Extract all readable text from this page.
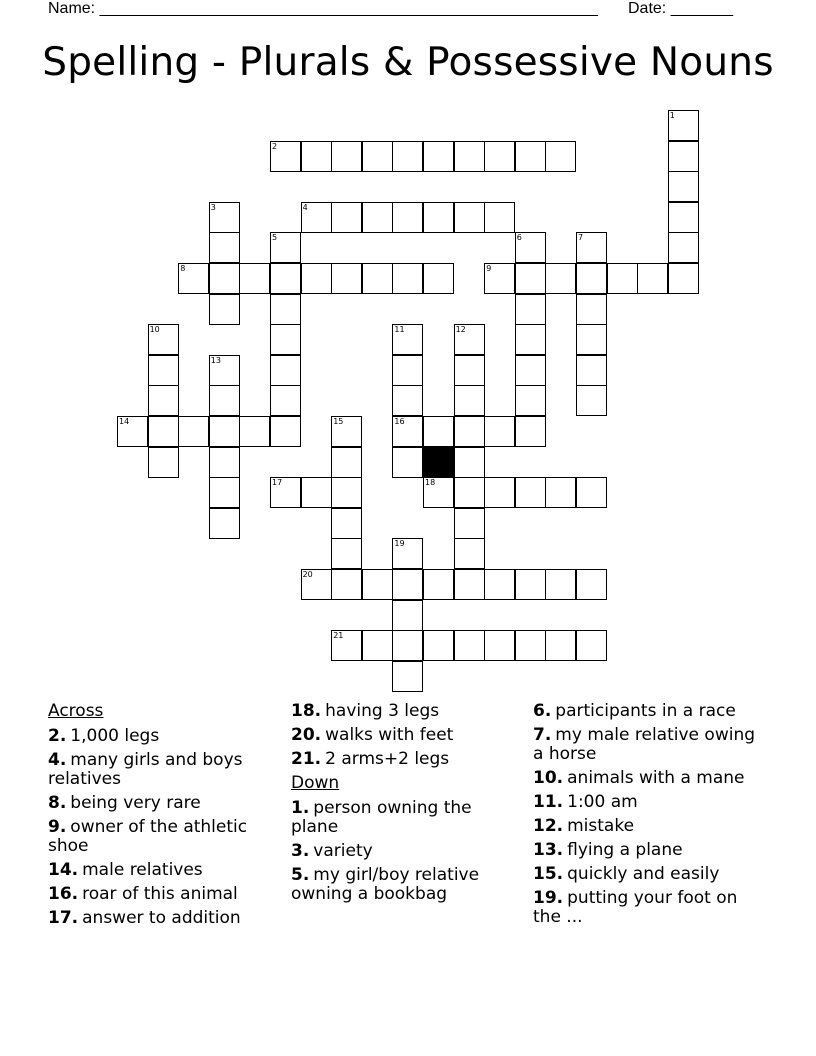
Name: ________________________________________________________ Date: _______
Spelling - Plurals & Possessive Nouns
2
4
8	9
14	16
17	18
20
21
1
3
5	6	7
10	11	12
13
15
19
Across
2. 1,000 legs
4. many girls and boys relatives
8. being very rare
9. owner of the athletic shoe
14. male relatives
16. roar of this animal
17. answer to addition
18. having 3 legs
20. walks with feet
21. 2 arms+2 legs
Down
1. person owning the plane
3. variety
5. my girl/boy relative owning a bookbag
6. participants in a race
7. my male relative owing a horse
10. animals with a mane
11. 1:00 am
12. mistake
13. flying a plane
15. quickly and easily
19. putting your foot on the ...
